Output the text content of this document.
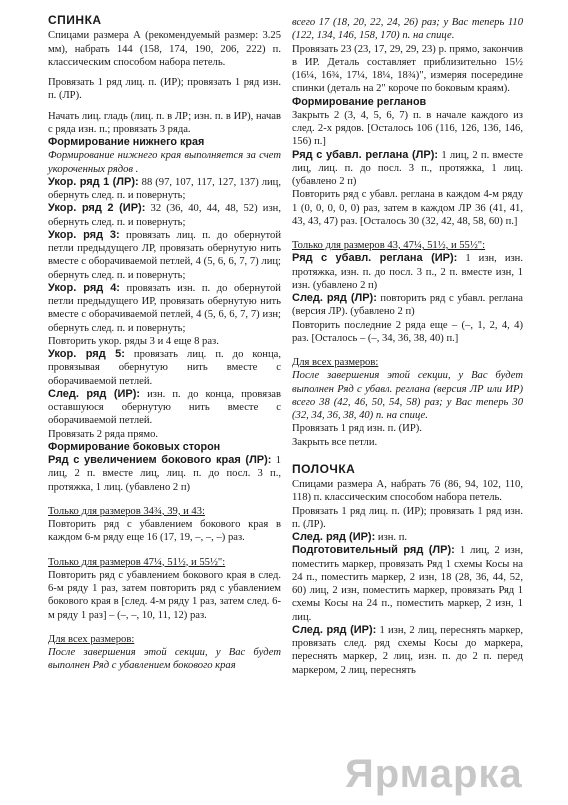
СПИНКА

Спицами размера А (рекомендуемый размер: 3.25 мм), набрать 144 (158, 174, 190, 206, 222) п. классическим способом набора петель.

Провязать 1 ряд лиц. п. (ИР); провязать 1 ряд изн. п. (ЛР).

Начать лиц. гладь (лиц. п. в ЛР; изн. п. в ИР), начав с ряда изн. п.; провязать 3 ряда.

Формирование нижнего края

Формирование нижнего края выполняется за счет укороченных рядов .

Укор. ряд 1 (ЛР): 88 (97, 107, 117, 127, 137) лиц, обернуть след. п. и повернуть;

Укор. ряд 2 (ИР): 32 (36, 40, 44, 48, 52) изн, обернуть след. п. и повернуть;

Укор. ряд 3: провязать лиц. п. до обернутой петли предыдущего ЛР, провязать обернутую нить вместе с оборачиваемой петлей, 4 (5, 6, 6, 7, 7) лиц; обернуть след. п. и повернуть;

Укор. ряд 4: провязать изн. п. до обернутой петли предыдущего ИР, провязать обернутую нить вместе с оборачиваемой петлей, 4 (5, 6, 6, 7, 7) изн; обернуть след. п. и повернуть;

Повторить укор. ряды 3 и 4 еще 8 раз.

Укор. ряд 5: провязать лиц. п. до конца, провязывая обернутую нить вместе с оборачиваемой петлей.

След. ряд (ИР): изн. п. до конца, провязав оставшуюся обернутую нить вместе с оборачиваемой петлей.

Провязать 2 ряда прямо.

Формирование боковых сторон

Ряд с увеличением бокового края (ЛР): 1 лиц, 2 п. вместе лиц, лиц. п. до посл. 3 п., протяжка, 1 лиц. (убавлено 2 п)

Только для размеров 34¾, 39, и 43:

Повторить ряд с убавлением бокового края в каждом 6-м ряду еще 16 (17, 19, –, –, –) раз.

Только для размеров 47¼, 51½, и 55½":

Повторить ряд с убавлением бокового края в след. 6-м ряду 1 раз, затем повторить ряд с убавлением бокового края в [след. 4-м ряду 1 раз, затем след. 6-м ряду 1 раз] – (–, –, 10, 11, 12) раз.

Для всех размеров:

После завершения этой секции, у Вас будет выполнен Ряд с убавлением бокового края

всего 17 (18, 20, 22, 24, 26) раз; у Вас теперь 110 (122, 134, 146, 158, 170) п. на спице.

Провязать 23 (23, 17, 29, 29, 23) р. прямо, закончив в ИР. Деталь составляет приблизительно 15½ (16¼, 16¾, 17¼, 18¼, 18¾)", измеряя посередине спинки (деталь на 2" короче по боковым краям).

Формирование регланов

Закрыть 2 (3, 4, 5, 6, 7) п. в начале каждого из след. 2-х рядов. [Осталось 106 (116, 126, 136, 146, 156) п.]

Ряд с убавл. реглана (ЛР): 1 лиц, 2 п. вместе лиц, лиц. п. до посл. 3 п., протяжка, 1 лиц. (убавлено 2 п)

Повторить ряд с убавл. реглана в каждом 4-м ряду 1 (0, 0, 0, 0, 0) раз, затем в каждом ЛР 36 (41, 41, 43, 43, 47) раз. [Осталось 30 (32, 42, 48, 58, 60) п.]

Только для размеров 43, 47¼, 51½, и 55½":

Ряд с убавл. реглана (ИР): 1 изн, изн. протяжка, изн. п. до посл. 3 п., 2 п. вместе изн, 1 изн. (убавлено 2 п)

След. ряд (ЛР): повторить ряд с убавл. реглана (версия ЛР). (убавлено 2 п)

Повторить последние 2 ряда еще – (–, 1, 2, 4, 4) раз. [Осталось – (–, 34, 36, 38, 40) п.]

Для всех размеров:

После завершения этой секции, у Вас будет выполнен Ряд с убавл. реглана (версия ЛР или ИР) всего 38 (42, 46, 50, 54, 58) раз; у Вас теперь 30 (32, 34, 36, 38, 40) п. на спице.

Провязать 1 ряд изн. п. (ИР).

Закрыть все петли.

ПОЛОЧКА

Спицами размера А, набрать 76 (86, 94, 102, 110, 118) п. классическим способом набора петель.

Провязать 1 ряд лиц. п. (ИР); провязать 1 ряд изн. п. (ЛР).

След. ряд (ИР): изн. п.

Подготовительный ряд (ЛР): 1 лиц, 2 изн, поместить маркер, провязать Ряд 1 схемы Косы на 24 п., поместить маркер, 2 изн, 18 (28, 36, 44, 52, 60) лиц, 2 изн, поместить маркер, провязать Ряд 1 схемы Косы на 24 п., поместить маркер, 2 изн, 1 лиц.

След. ряд (ИР): 1 изн, 2 лиц, переснять маркер, провязать след. ряд схемы Косы до маркера, переснять маркер, 2 лиц, изн. п. до 2 п. перед маркером, 2 лиц, переснять

Ярмарка
